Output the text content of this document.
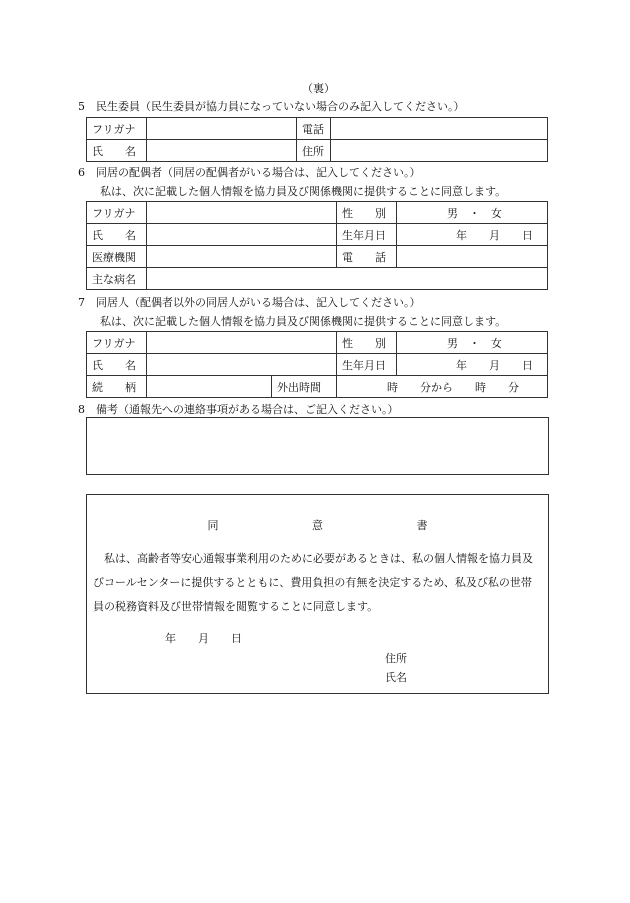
（裏）
5　民生委員（民生委員が協力員になっていない場合のみ記入してください。）
フリガナ		電話	
氏　　名		住所	
6　同居の配偶者（同居の配偶者がいる場合は、記入してください。）
私は、次に記載した個人情報を協力員及び関係機関に提供することに同意します。
フリガナ		性　　別	男　・　女
氏　　名		生年月日	年　　月　　日
医療機関		電　　話	
主な病名			
7　同居人（配偶者以外の同居人がいる場合は、記入してください。）
私は、次に記載した個人情報を協力員及び関係機関に提供することに同意します。
フリガナ			性　　別	男　・　女
氏　　名			生年月日	年　　月　　日
続　　柄		外出時間	時　　分から　　時　　分	
8　備考（通報先への連絡事項がある場合は、ご記入ください。）
同	意	書
私は、高齢者等安心通報事業利用のために必要があるときは、私の個人情報を協力員及びコールセンターに提供するとともに、費用負担の有無を決定するため、私及び私の世帯員の税務資料及び世帯情報を閲覧することに同意します。
年　　月　　日
住所
氏名
